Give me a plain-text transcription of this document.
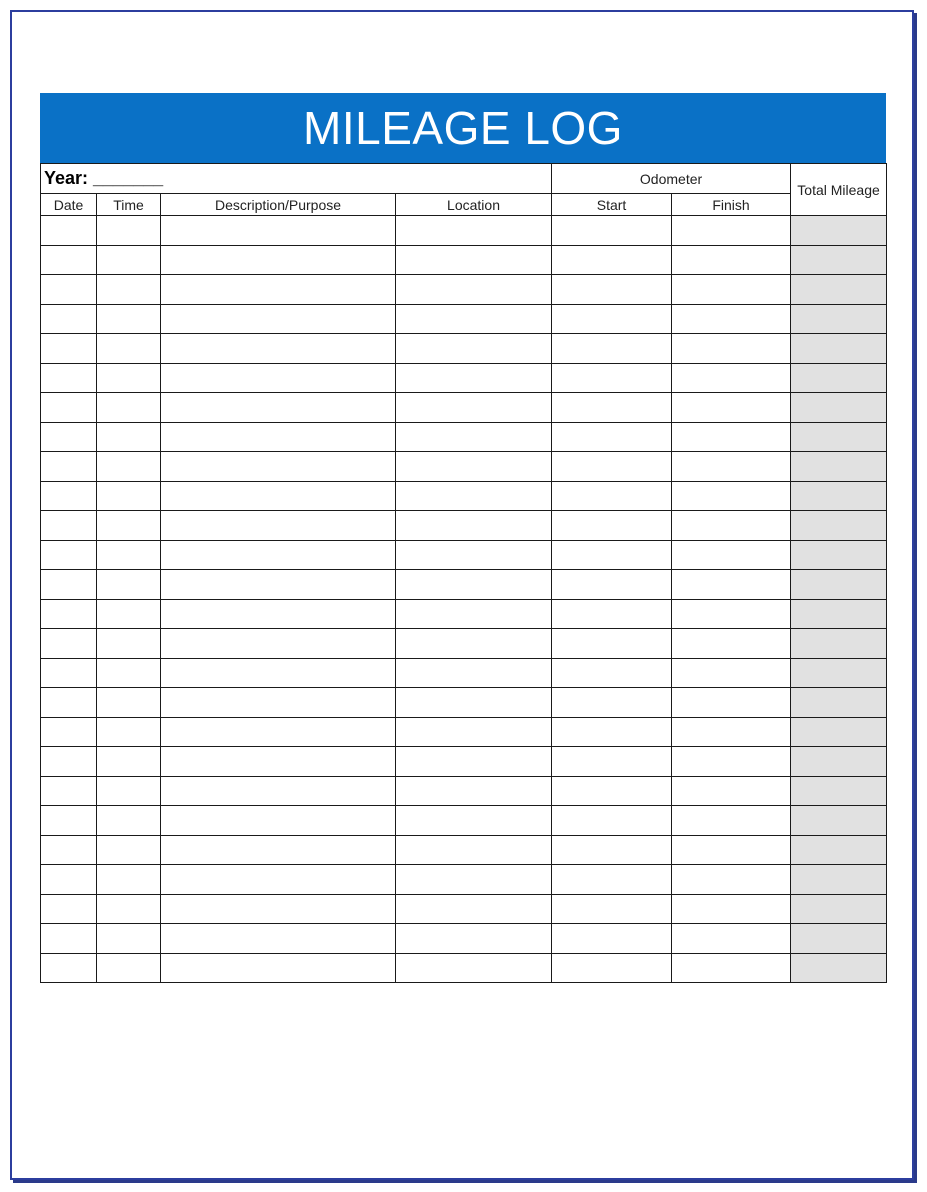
MILEAGE LOG
Year: _______				Odometer		Total Mileage
Date	Time	Description/Purpose	Location	Start	Finish	
